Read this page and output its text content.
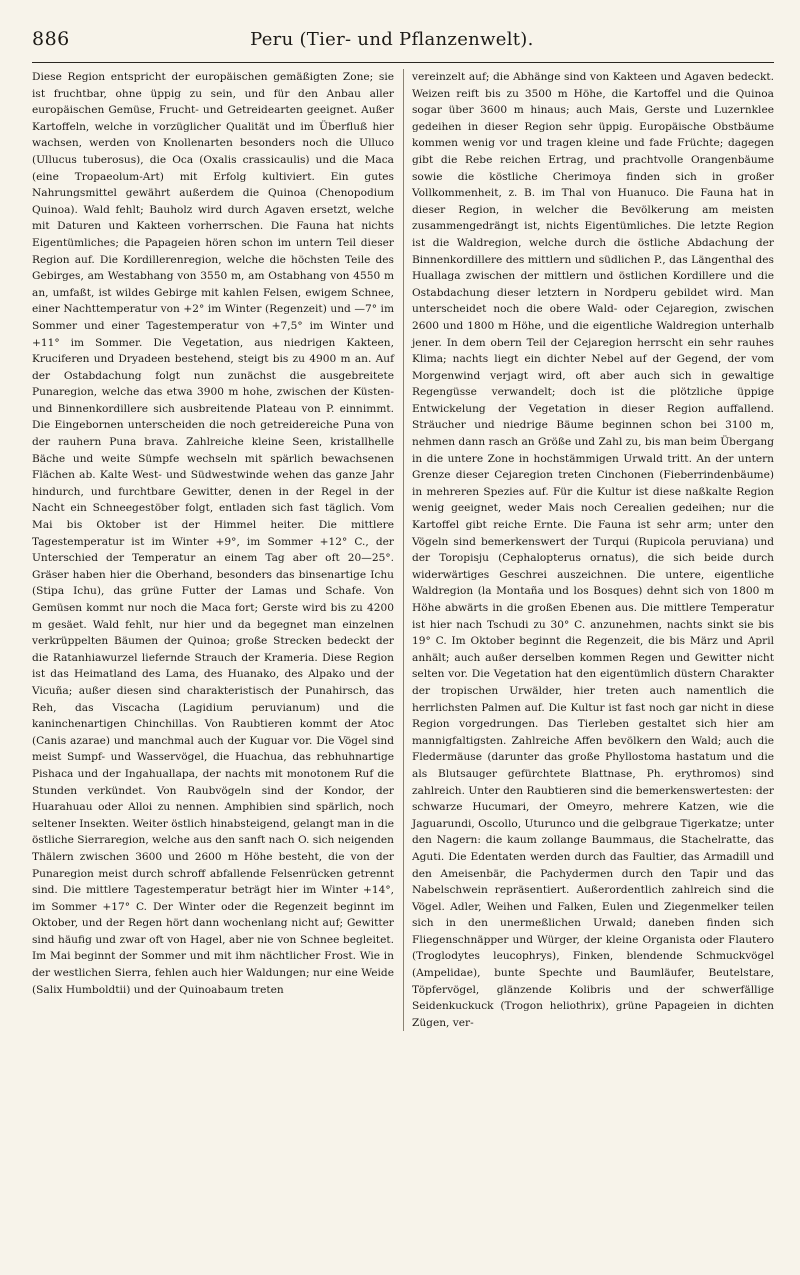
886	Peru (Tier- und Pflanzenwelt).

Diese Region entspricht der europäischen gemäßigten Zone; sie ist fruchtbar, ohne üppig zu sein, und für den Anbau aller europäischen Gemüse, Frucht- und Getreidearten geeignet. Außer Kartoffeln, welche in vorzüglicher Qualität und im Überfluß hier wachsen, werden von Knollenarten besonders noch die Ulluco (Ullucus tuberosus), die Oca (Oxalis crassicaulis) und die Maca (eine Tropaeolum-Art) mit Erfolg kultiviert. Ein gutes Nahrungsmittel gewährt außerdem die Quinoa (Chenopodium Quinoa). Wald fehlt; Bauholz wird durch Agaven ersetzt, welche mit Daturen und Kakteen vorherrschen. Die Fauna hat nichts Eigentümliches; die Papageien hören schon im untern Teil dieser Region auf. Die Kordillerenregion, welche die höchsten Teile des Gebirges, am Westabhang von 3550 m, am Ostabhang von 4550 m an, umfaßt, ist wildes Gebirge mit kahlen Felsen, ewigem Schnee, einer Nachttemperatur von +2° im Winter (Regenzeit) und —7° im Sommer und einer Tagestemperatur von +7,5° im Winter und +11° im Sommer. Die Vegetation, aus niedrigen Kakteen, Kruciferen und Dryadeen bestehend, steigt bis zu 4900 m an. Auf der Ostabdachung folgt nun zunächst die ausgebreitete Punaregion, welche das etwa 3900 m hohe, zwischen der Küsten- und Binnenkordillere sich ausbreitende Plateau von P. einnimmt. Die Eingebornen unterscheiden die noch getreidereiche Puna von der rauhern Puna brava. Zahlreiche kleine Seen, kristallhelle Bäche und weite Sümpfe wechseln mit spärlich bewachsenen Flächen ab. Kalte West- und Südwestwinde wehen das ganze Jahr hindurch, und furchtbare Gewitter, denen in der Regel in der Nacht ein Schneegestöber folgt, entladen sich fast täglich. Vom Mai bis Oktober ist der Himmel heiter. Die mittlere Tagestemperatur ist im Winter +9°, im Sommer +12° C., der Unterschied der Temperatur an einem Tag aber oft 20—25°. Gräser haben hier die Oberhand, besonders das binsenartige Ichu (Stipa Ichu), das grüne Futter der Lamas und Schafe. Von Gemüsen kommt nur noch die Maca fort; Gerste wird bis zu 4200 m gesäet. Wald fehlt, nur hier und da begegnet man einzelnen verkrüppelten Bäumen der Quinoa; große Strecken bedeckt der die Ratanhiawurzel liefernde Strauch der Krameria. Diese Region ist das Heimatland des Lama, des Huanako, des Alpako und der Vicuña; außer diesen sind charakteristisch der Punahirsch, das Reh, das Viscacha (Lagidium peruvianum) und die kaninchenartigen Chinchillas. Von Raubtieren kommt der Atoc (Canis azarae) und manchmal auch der Kuguar vor. Die Vögel sind meist Sumpf- und Wasservögel, die Huachua, das rebhuhnartige Pishaca und der Ingahuallapa, der nachts mit monotonem Ruf die Stunden verkündet. Von Raubvögeln sind der Kondor, der Huarahuau oder Alloi zu nennen. Amphibien sind spärlich, noch seltener Insekten. Weiter östlich hinabsteigend, gelangt man in die östliche Sierraregion, welche aus den sanft nach O. sich neigenden Thälern zwischen 3600 und 2600 m Höhe besteht, die von der Punaregion meist durch schroff abfallende Felsenrücken getrennt sind. Die mittlere Tagestemperatur beträgt hier im Winter +14°, im Sommer +17° C. Der Winter oder die Regenzeit beginnt im Oktober, und der Regen hört dann wochenlang nicht auf; Gewitter sind häufig und zwar oft von Hagel, aber nie von Schnee begleitet. Im Mai beginnt der Sommer und mit ihm nächtlicher Frost. Wie in der westlichen Sierra, fehlen auch hier Waldungen; nur eine Weide (Salix Humboldtii) und der Quinoabaum treten

vereinzelt auf; die Abhänge sind von Kakteen und Agaven bedeckt. Weizen reift bis zu 3500 m Höhe, die Kartoffel und die Quinoa sogar über 3600 m hinaus; auch Mais, Gerste und Luzernklee gedeihen in dieser Region sehr üppig. Europäische Obstbäume kommen wenig vor und tragen kleine und fade Früchte; dagegen gibt die Rebe reichen Ertrag, und prachtvolle Orangenbäume sowie die köstliche Cherimoya finden sich in großer Vollkommenheit, z. B. im Thal von Huanuco. Die Fauna hat in dieser Region, in welcher die Bevölkerung am meisten zusammengedrängt ist, nichts Eigentümliches. Die letzte Region ist die Waldregion, welche durch die östliche Abdachung der Binnenkordillere des mittlern und südlichen P., das Längenthal des Huallaga zwischen der mittlern und östlichen Kordillere und die Ostabdachung dieser letztern in Nordperu gebildet wird. Man unterscheidet noch die obere Wald- oder Cejaregion, zwischen 2600 und 1800 m Höhe, und die eigentliche Waldregion unterhalb jener. In dem obern Teil der Cejaregion herrscht ein sehr rauhes Klima; nachts liegt ein dichter Nebel auf der Gegend, der vom Morgenwind verjagt wird, oft aber auch sich in gewaltige Regengüsse verwandelt; doch ist die plötzliche üppige Entwickelung der Vegetation in dieser Region auffallend. Sträucher und niedrige Bäume beginnen schon bei 3100 m, nehmen dann rasch an Größe und Zahl zu, bis man beim Übergang in die untere Zone in hochstämmigen Urwald tritt. An der untern Grenze dieser Cejaregion treten Cinchonen (Fieberrindenbäume) in mehreren Spezies auf. Für die Kultur ist diese naßkalte Region wenig geeignet, weder Mais noch Cerealien gedeihen; nur die Kartoffel gibt reiche Ernte. Die Fauna ist sehr arm; unter den Vögeln sind bemerkenswert der Turqui (Rupicola peruviana) und der Toropisju (Cephalopterus ornatus), die sich beide durch widerwärtiges Geschrei auszeichnen. Die untere, eigentliche Waldregion (la Montaña und los Bosques) dehnt sich von 1800 m Höhe abwärts in die großen Ebenen aus. Die mittlere Temperatur ist hier nach Tschudi zu 30° C. anzunehmen, nachts sinkt sie bis 19° C. Im Oktober beginnt die Regenzeit, die bis März und April anhält; auch außer derselben kommen Regen und Gewitter nicht selten vor. Die Vegetation hat den eigentümlich düstern Charakter der tropischen Urwälder, hier treten auch namentlich die herrlichsten Palmen auf. Die Kultur ist fast noch gar nicht in diese Region vorgedrungen. Das Tierleben gestaltet sich hier am mannigfaltigsten. Zahlreiche Affen bevölkern den Wald; auch die Fledermäuse (darunter das große Phyllostoma hastatum und die als Blutsauger gefürchtete Blattnase, Ph. erythromos) sind zahlreich. Unter den Raubtieren sind die bemerkenswertesten: der schwarze Hucumari, der Omeyro, mehrere Katzen, wie die Jaguarundi, Oscollo, Uturunco und die gelbgraue Tigerkatze; unter den Nagern: die kaum zollange Baummaus, die Stachelratte, das Aguti. Die Edentaten werden durch das Faultier, das Armadill und den Ameisenbär, die Pachydermen durch den Tapir und das Nabelschwein repräsentiert. Außerordentlich zahlreich sind die Vögel. Adler, Weihen und Falken, Eulen und Ziegenmelker teilen sich in den unermeßlichen Urwald; daneben finden sich Fliegenschnäpper und Würger, der kleine Organista oder Flautero (Troglodytes leucophrys), Finken, blendende Schmuckvögel (Ampelidae), bunte Spechte und Baumläufer, Beutelstare, Töpfervögel, glänzende Kolibris und der schwerfällige Seidenkuckuck (Trogon heliothrix), grüne Papageien in dichten Zügen, ver-
